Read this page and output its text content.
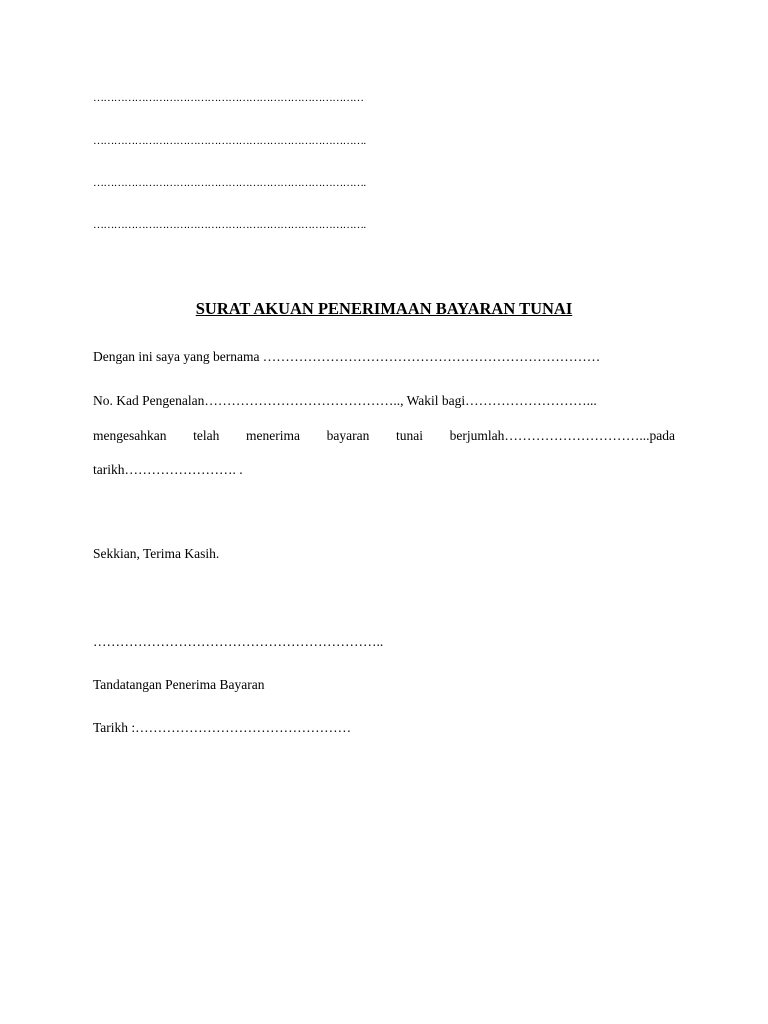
……………………………………………………………………
…………………………………………………………………….
…………………………………………………………………….
…………………………………………………………………….
SURAT AKUAN PENERIMAAN BAYARAN TUNAI
Dengan ini saya yang bernama …………………………………………………………………
No. Kad Pengenalan…………………………………….., Wakil bagi………………………...
mengesahkan telah menerima bayaran tunai berjumlah…………………………...pada
tarikh……………………. .
Sekkian, Terima Kasih.
………………………………………………………..
Tandatangan Penerima Bayaran
Tarikh :…………………………………………
